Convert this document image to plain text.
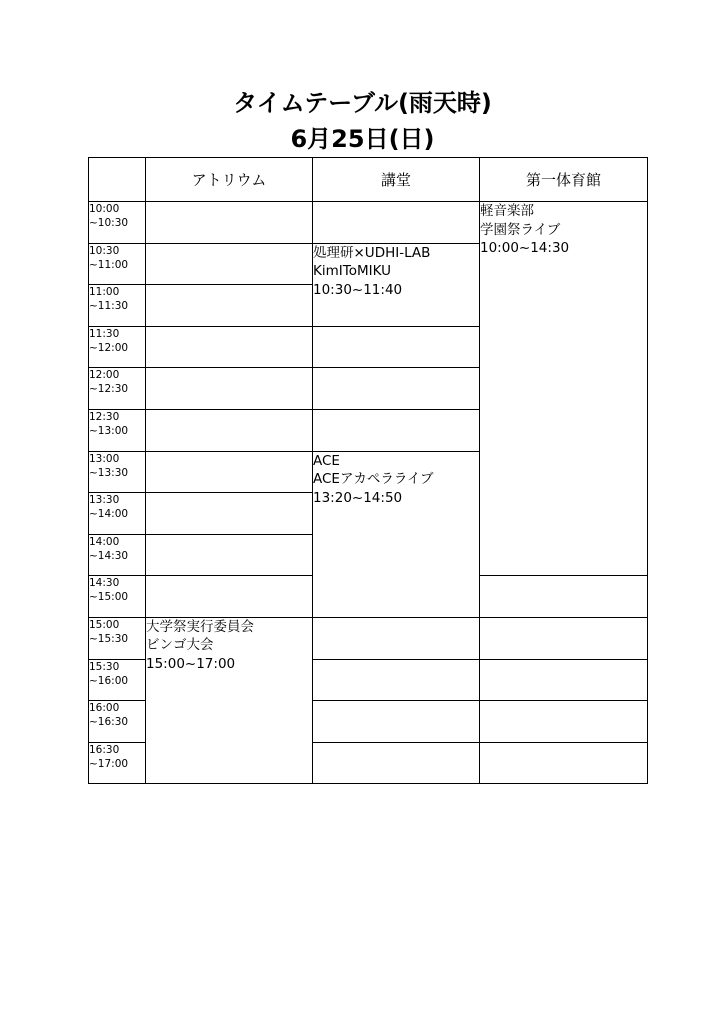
タイムテーブル(雨天時)
6月25日(日)
	アトリウム	講堂	第一体育館

10:00
~10:30			軽音楽部
学園祭ライブ
10:00~14:30

10:30
~11:00		処理研×UDHI-LAB
KimIToMIKU
10:30~11:40	

11:00
~11:30			

11:30
~12:00			

12:00
~12:30			

12:30
~13:00			

13:00
~13:30		ACE
ACEアカペラライブ
13:20~14:50	

13:30
~14:00			

14:00
~14:30			

14:30
~15:00			

15:00
~15:30	大学祭実行委員会
ビンゴ大会
15:00~17:00		

15:30
~16:00			

16:00
~16:30			

16:30
~17:00			
